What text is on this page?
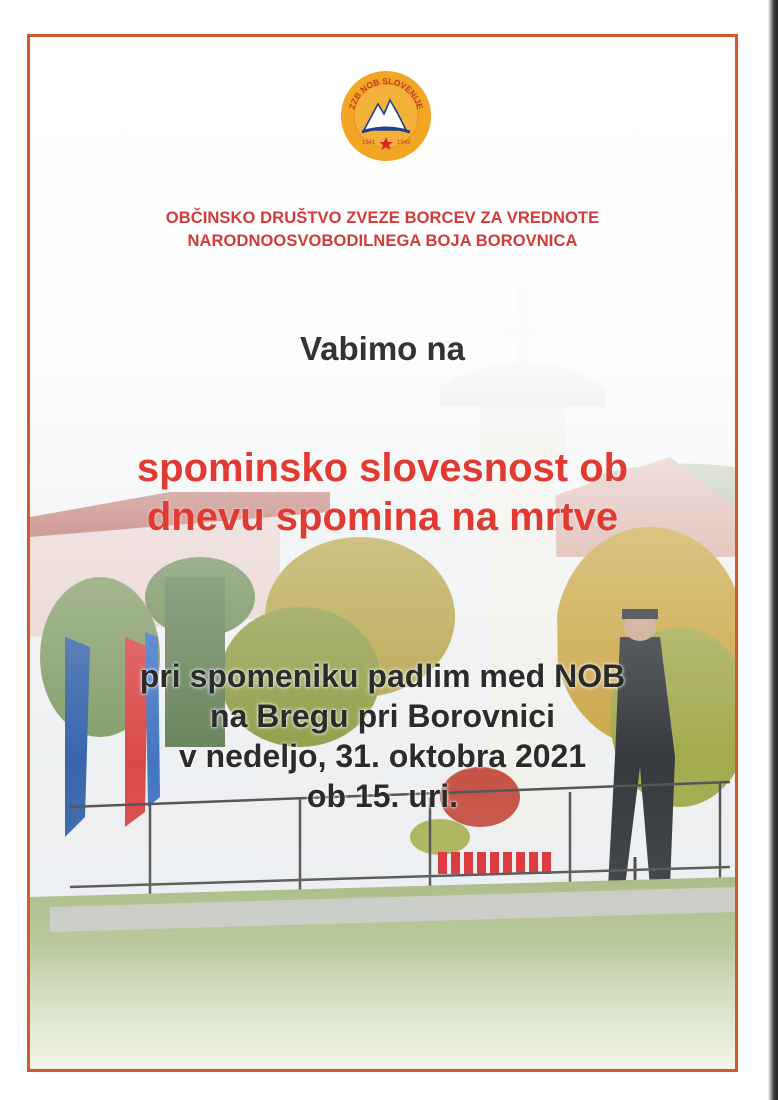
ZZB NOB SLOVENIJE
1941	1945
OBČINSKO DRUŠTVO ZVEZE BORCEV ZA VREDNOTE
NARODNOOSVOBODILNEGA BOJA BOROVNICA
Vabimo na
spominsko slovesnost ob
dnevu spomina na mrtve
pri spomeniku padlim med NOB
na Bregu pri Borovnici
v nedeljo, 31. oktobra 2021
ob 15. uri.
